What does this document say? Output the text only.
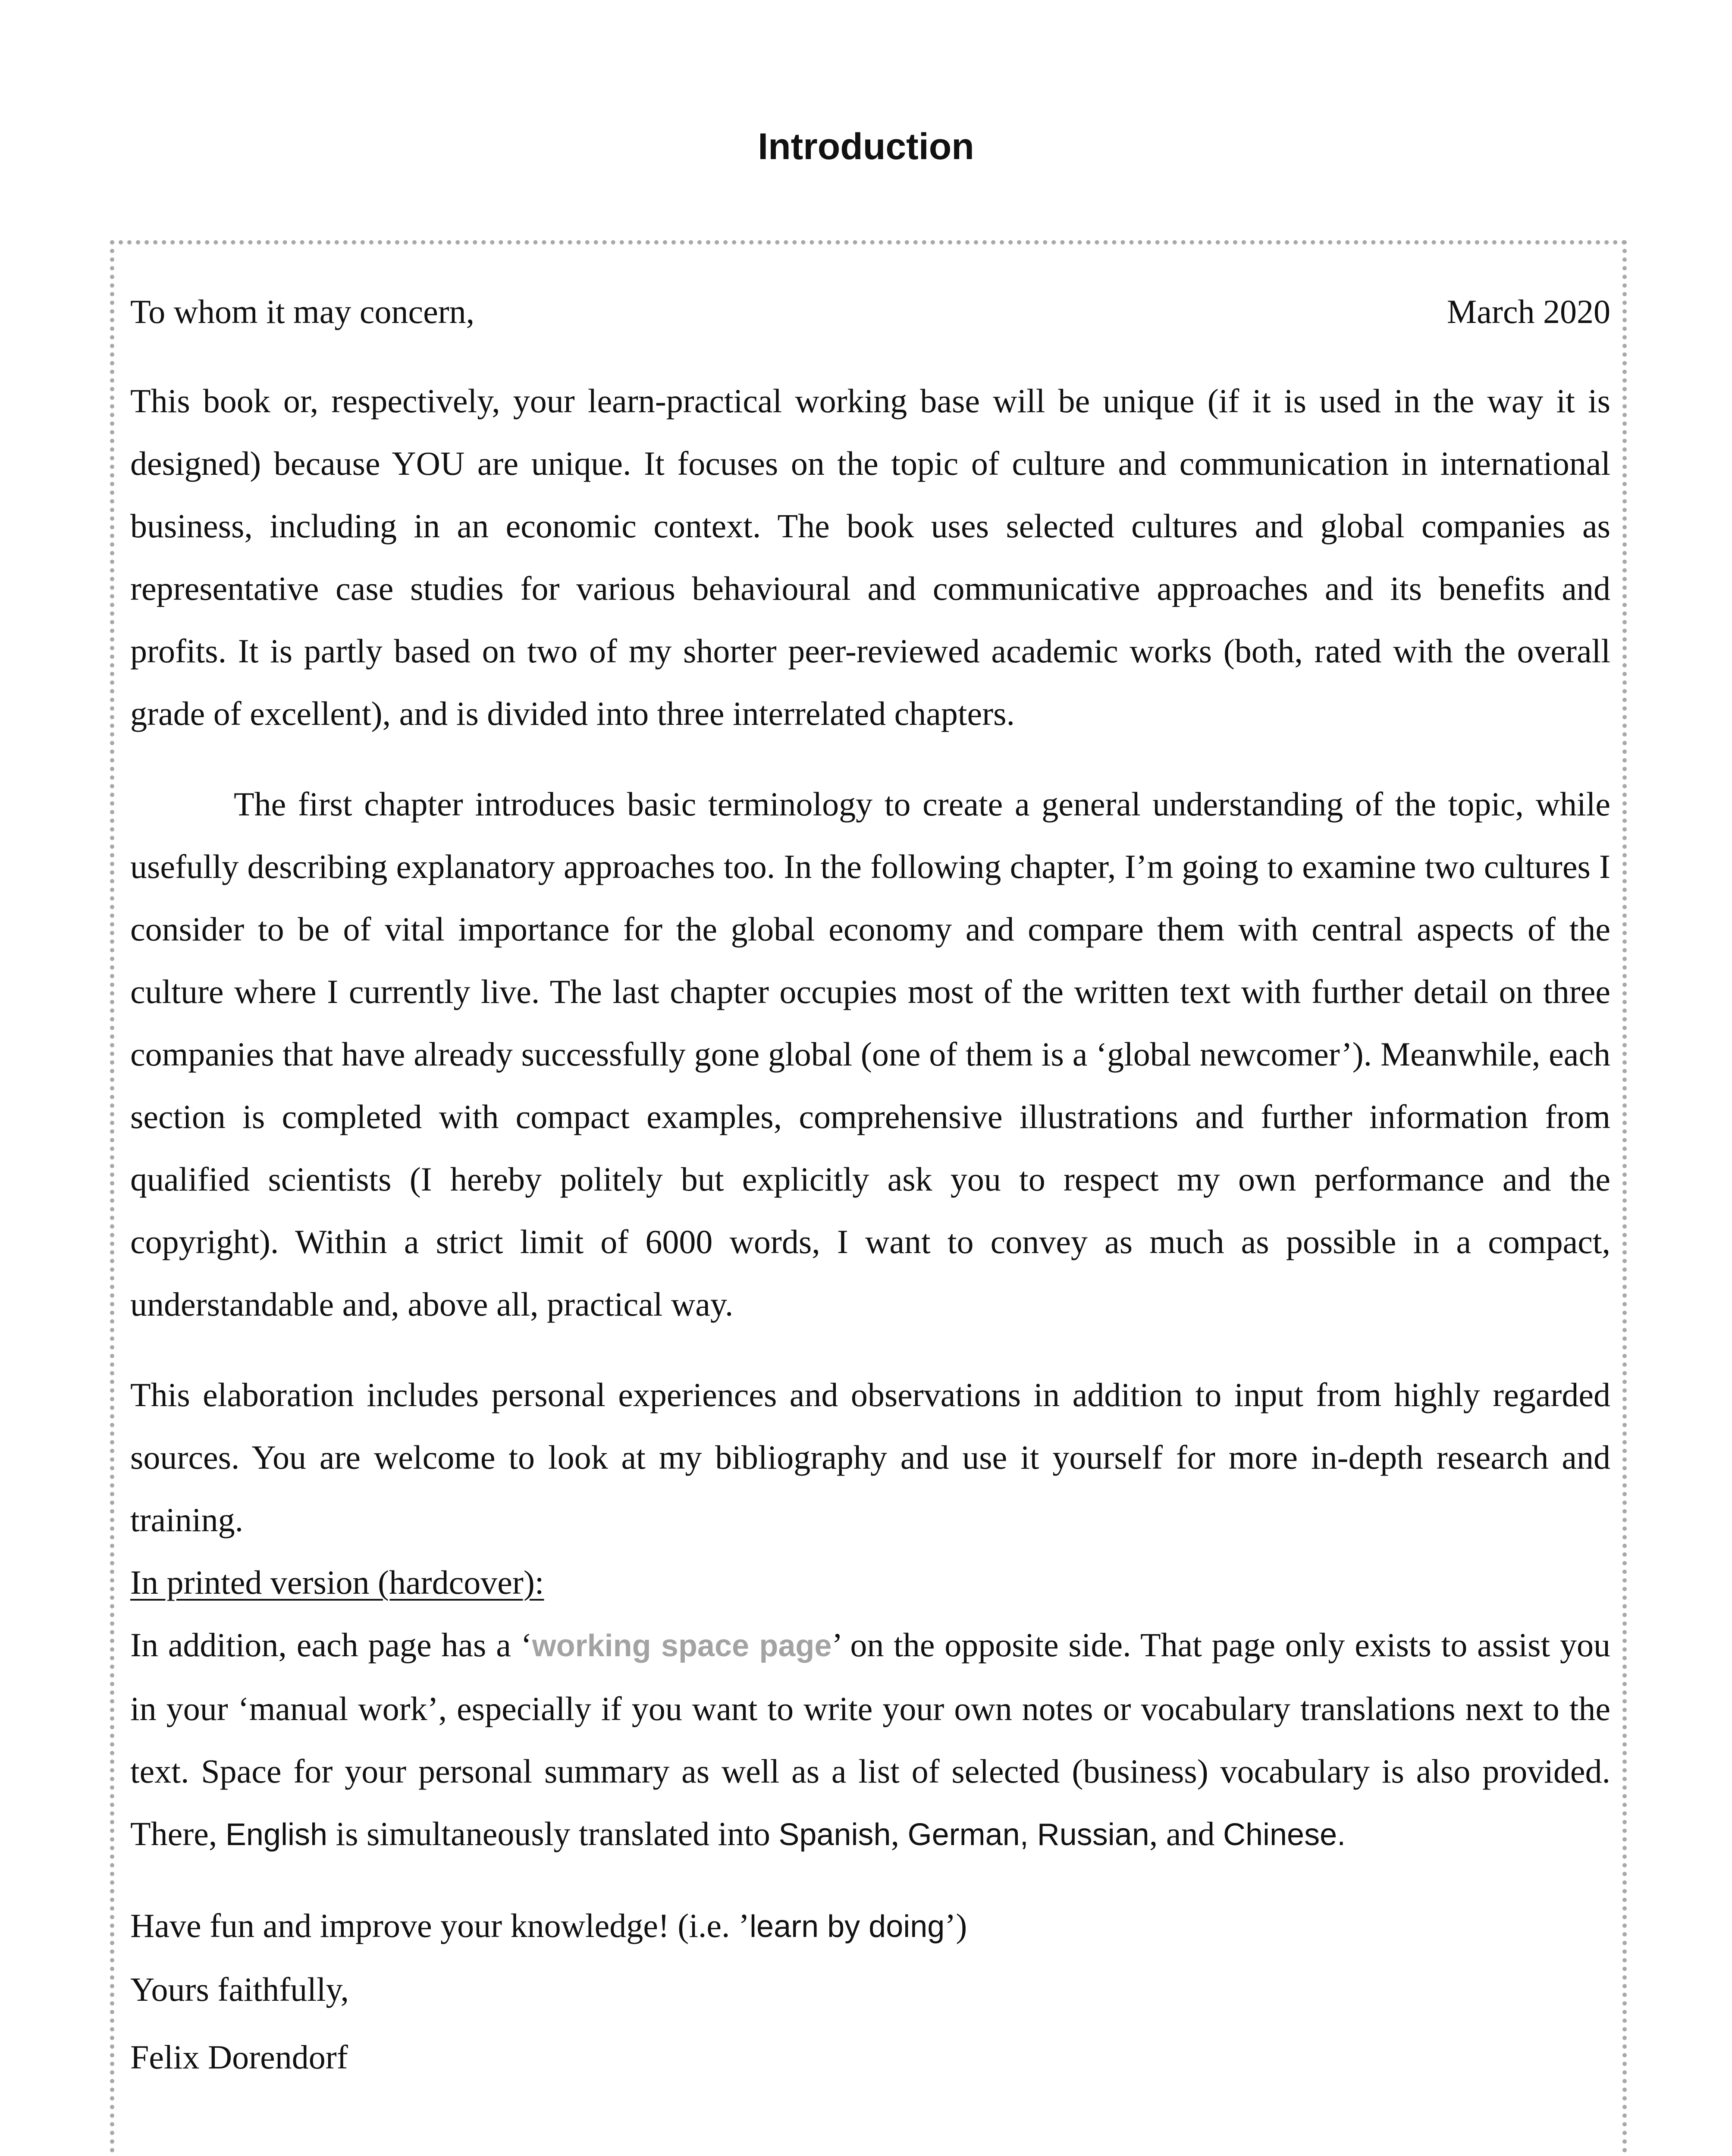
Introduction
To whom it may concern,	March 2020

This book or, respectively, your learn-practical working base will be unique (if it is used in the way it is designed) because YOU are unique. It focuses on the topic of culture and communication in international business, including in an economic context. The book uses selected cultures and global companies as representative case studies for various behavioural and communicative approaches and its benefits and profits. It is partly based on two of my shorter peer-reviewed academic works (both, rated with the overall grade of excellent), and is divided into three interrelated chapters.

The first chapter introduces basic terminology to create a general understanding of the topic, while usefully describing explanatory approaches too. In the following chapter, I’m going to examine two cultures I consider to be of vital importance for the global economy and compare them with central aspects of the culture where I currently live. The last chapter occupies most of the written text with further detail on three companies that have already successfully gone global (one of them is a ‘global newcomer’). Meanwhile, each section is completed with compact examples, comprehensive illustrations and further information from qualified scientists (I hereby politely but explicitly ask you to respect my own performance and the copyright). Within a strict limit of 6000 words, I want to convey as much as possible in a compact, understandable and, above all, practical way.

This elaboration includes personal experiences and observations in addition to input from highly regarded sources. You are welcome to look at my bibliography and use it yourself for more in-depth research and training.

In printed version (hardcover):

In addition, each page has a ‘working space page’ on the opposite side. That page only exists to assist you in your ‘manual work’, especially if you want to write your own notes or vocabulary translations next to the text. Space for your personal summary as well as a list of selected (business) vocabulary is also provided. There, English is simultaneously translated into Spanish, German, Russian, and Chinese.

Have fun and improve your knowledge! (i.e. ’learn by doing’)

Yours faithfully,

Felix Dorendorf
